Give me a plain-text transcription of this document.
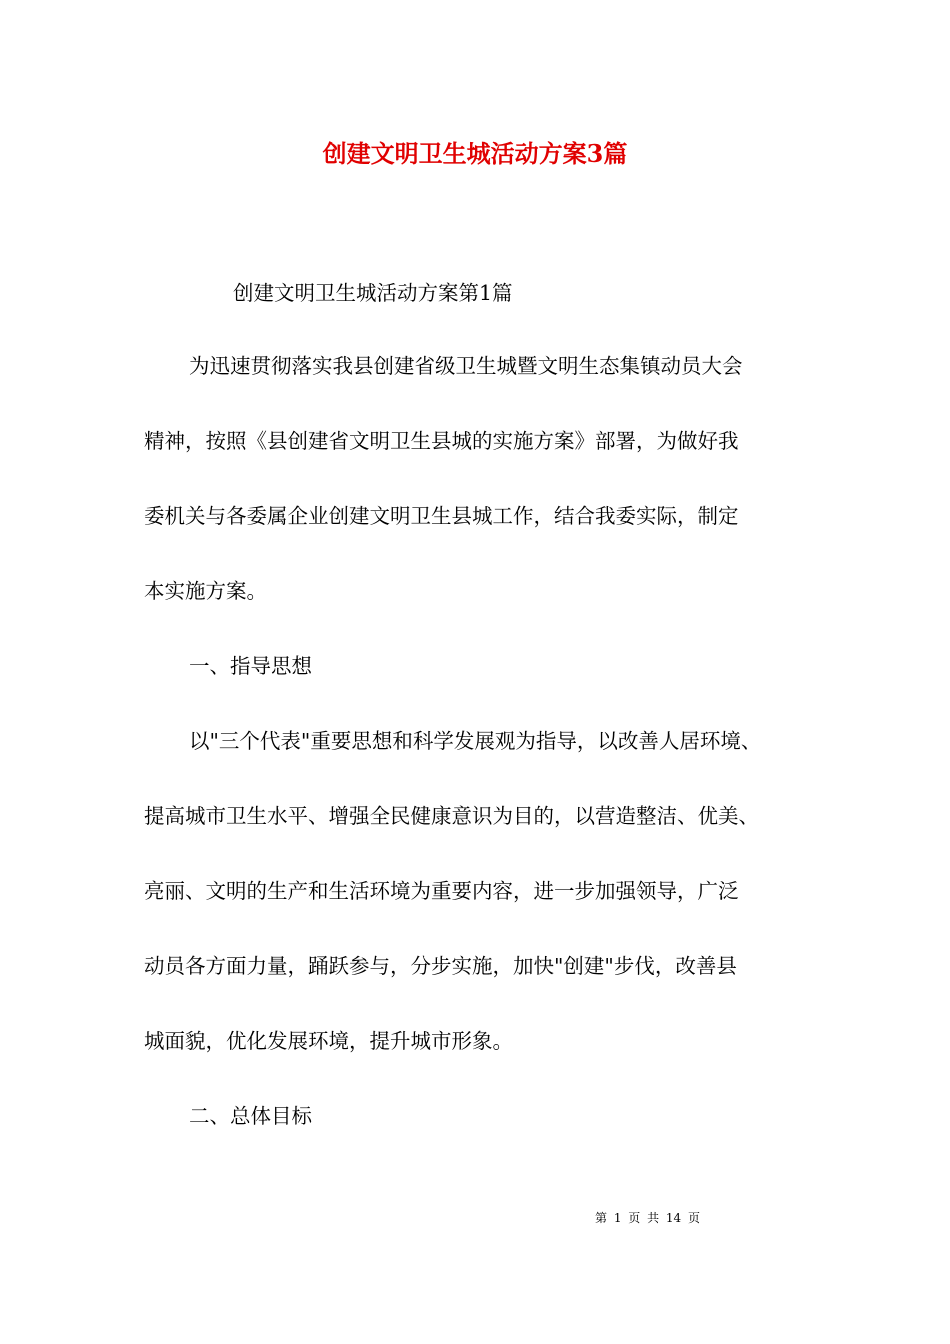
创建文明卫生城活动方案3篇
创建文明卫生城活动方案第1篇
为迅速贯彻落实我县创建省级卫生城暨文明生态集镇动员大会
精神，按照《县创建省文明卫生县城的实施方案》部署，为做好我
委机关与各委属企业创建文明卫生县城工作，结合我委实际，制定
本实施方案。
一、指导思想
以"三个代表"重要思想和科学发展观为指导，以改善人居环境、
提高城市卫生水平、增强全民健康意识为目的，以营造整洁、优美、
亮丽、文明的生产和生活环境为重要内容，进一步加强领导，广泛
动员各方面力量，踊跃参与，分步实施，加快"创建"步伐，改善县
城面貌，优化发展环境，提升城市形象。
二、总体目标
第 1 页 共 14 页
